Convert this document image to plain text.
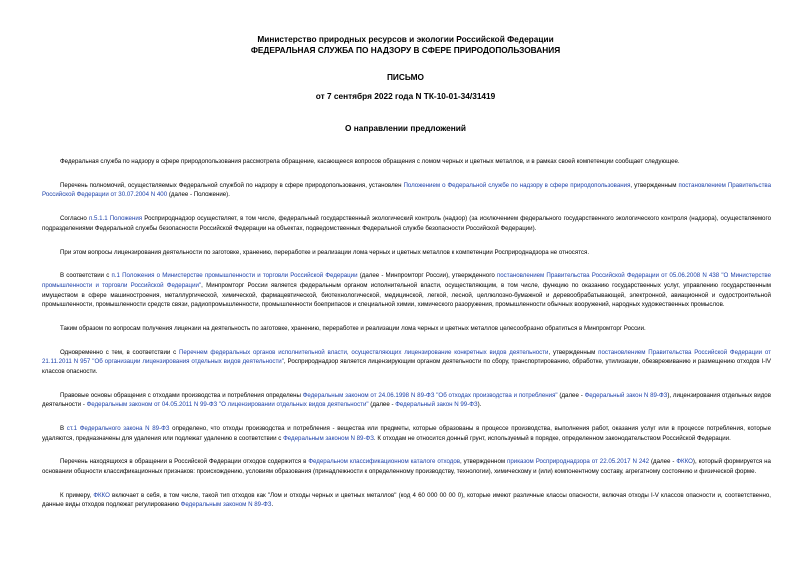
Министерство природных ресурсов и экологии Российской Федерации
ФЕДЕРАЛЬНАЯ СЛУЖБА ПО НАДЗОРУ В СФЕРЕ ПРИРОДОПОЛЬЗОВАНИЯ
ПИСЬМО
от 7 сентября 2022 года N ТК-10-01-34/31419
О направлении предложений

Федеральная служба по надзору в сфере природопользования рассмотрела обращение, касающееся вопросов обращения с ломом черных и цветных металлов, и в рамках своей компетенции сообщает следующее.

Перечень полномочий, осуществляемых Федеральной службой по надзору в сфере природопользования, установлен Положением о Федеральной службе по надзору в сфере природопользования, утвержденным постановлением Правительства Российской Федерации от 30.07.2004 N 400 (далее - Положение).

Согласно п.5.1.1 Положения Росприроднадзор осуществляет, в том числе, федеральный государственный экологический контроль (надзор) (за исключением федерального государственного экологического контроля (надзора), осуществляемого подразделениями Федеральной службы безопасности Российской Федерации на объектах, подведомственных Федеральной службе безопасности Российской Федерации).

При этом вопросы лицензирования деятельности по заготовке, хранению, переработке и реализации лома черных и цветных металлов к компетенции Росприроднадзора не относятся.

В соответствии с п.1 Положения о Министерстве промышленности и торговли Российской Федерации (далее - Минпромторг России), утвержденного постановлением Правительства Российской Федерации от 05.06.2008 N 438 "О Министерстве промышленности и торговли Российской Федерации", Минпромторг России является федеральным органом исполнительной власти, осуществляющим, в том числе, функцию по оказанию государственных услуг, управлению государственным имуществом в сфере машиностроения, металлургической, химической, фармацевтической, биотехнологической, медицинской, легкой, лесной, целлюлозно-бумажной и деревообрабатывающей, электронной, авиационной и судостроительной промышленности, промышленности средств связи, радиопромышленности, промышленности боеприпасов и специальной химии, химического разоружения, промышленности обычных вооружений, народных художественных промыслов.

Таким образом по вопросам получения лицензии на деятельность по заготовке, хранению, переработке и реализации лома черных и цветных металлов целесообразно обратиться в Минпромторг России.

Одновременно с тем, в соответствии с Перечнем федеральных органов исполнительной власти, осуществляющих лицензирование конкретных видов деятельности, утвержденным постановлением Правительства Российской Федерации от 21.11.2011 N 957 "Об организации лицензирования отдельных видов деятельности", Росприроднадзор является лицензирующим органом деятельности по сбору, транспортированию, обработке, утилизации, обезвреживанию и размещению отходов I-IV классов опасности.

Правовые основы обращения с отходами производства и потребления определены Федеральным законом от 24.06.1998 N 89-ФЗ "Об отходах производства и потребления" (далее - Федеральный закон N 89-ФЗ), лицензирования отдельных видов деятельности - Федеральным законом от 04.05.2011 N 99-ФЗ "О лицензировании отдельных видов деятельности" (далее - Федеральный закон N 99-ФЗ).

В ст.1 Федерального закона N 89-ФЗ определено, что отходы производства и потребления - вещества или предметы, которые образованы в процессе производства, выполнения работ, оказания услуг или в процессе потребления, которые удаляются, предназначены для удаления или подлежат удалению в соответствии с Федеральным законом N 89-ФЗ. К отходам не относится донный грунт, используемый в порядке, определенном законодательством Российской Федерации.

Перечень находящихся в обращении в Российской Федерации отходов содержится в Федеральном классификационном каталоге отходов, утвержденном приказом Росприроднадзора от 22.05.2017 N 242 (далее - ФККО), который формируется на основании общности классификационных признаков: происхождению, условиям образования (принадлежности к определенному производству, технологии), химическому и (или) компонентному составу, агрегатному состоянию и физической форме.

К примеру, ФККО включает в себя, в том числе, такой тип отходов как "Лом и отходы черных и цветных металлов" (код 4 60 000 00 00 0), которые имеют различные классы опасности, включая отходы I-V классов опасности и, соответственно, данные виды отходов подлежат регулированию Федеральным законом N 89-ФЗ.
